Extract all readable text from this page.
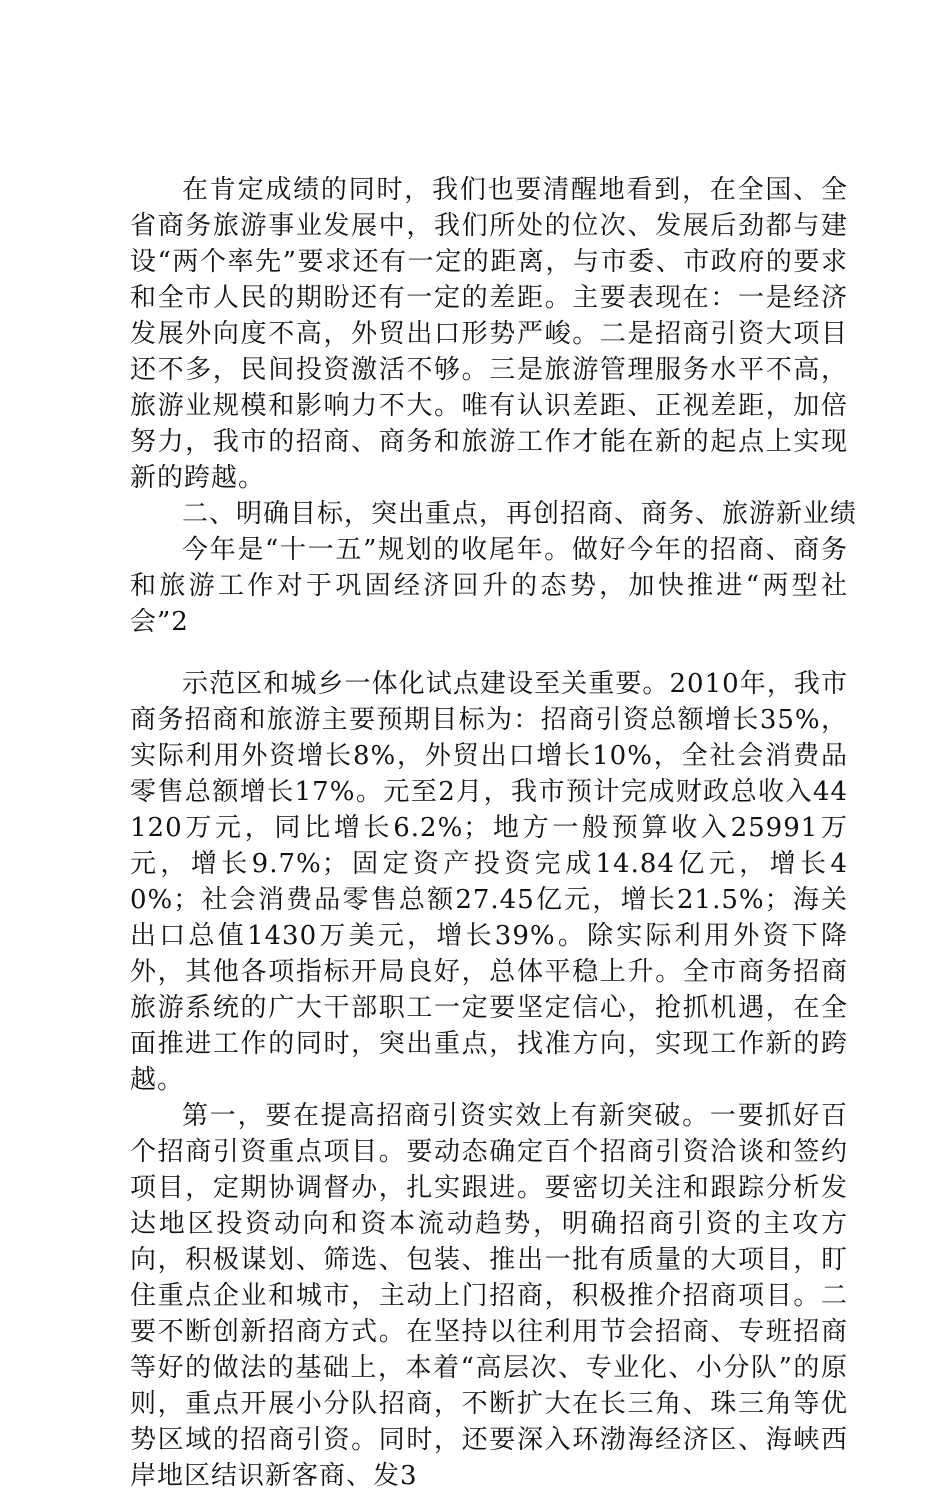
在肯定成绩的同时，我们也要清醒地看到，在全国、全省商务旅游事业发展中，我们所处的位次、发展后劲都与建设“两个率先”要求还有一定的距离，与市委、市政府的要求和全市人民的期盼还有一定的差距。主要表现在：一是经济发展外向度不高，外贸出口形势严峻。二是招商引资大项目还不多，民间投资激活不够。三是旅游管理服务水平不高，旅游业规模和影响力不大。唯有认识差距、正视差距，加倍努力，我市的招商、商务和旅游工作才能在新的起点上实现新的跨越。

二、明确目标，突出重点，再创招商、商务、旅游新业绩

今年是“十一五”规划的收尾年。做好今年的招商、商务和旅游工作对于巩固经济回升的态势，加快推进“两型社会”2

示范区和城乡一体化试点建设至关重要。2010年，我市商务招商和旅游主要预期目标为：招商引资总额增长35%，实际利用外资增长8%，外贸出口增长10%，全社会消费品零售总额增长17%。元至2月，我市预计完成财政总收入44120万元，同比增长6.2%；地方一般预算收入25991万元，增长9.7%；固定资产投资完成14.84亿元，增长40%；社会消费品零售总额27.45亿元，增长21.5%；海关出口总值1430万美元，增长39%。除实际利用外资下降外，其他各项指标开局良好，总体平稳上升。全市商务招商旅游系统的广大干部职工一定要坚定信心，抢抓机遇，在全面推进工作的同时，突出重点，找准方向，实现工作新的跨越。

第一，要在提高招商引资实效上有新突破。一要抓好百个招商引资重点项目。要动态确定百个招商引资洽谈和签约项目，定期协调督办，扎实跟进。要密切关注和跟踪分析发达地区投资动向和资本流动趋势，明确招商引资的主攻方向，积极谋划、筛选、包装、推出一批有质量的大项目，盯住重点企业和城市，主动上门招商，积极推介招商项目。二要不断创新招商方式。在坚持以往利用节会招商、专班招商等好的做法的基础上，本着“高层次、专业化、小分队”的原则，重点开展小分队招商，不断扩大在长三角、珠三角等优势区域的招商引资。同时，还要深入环渤海经济区、海峡西岸地区结识新客商、发3
